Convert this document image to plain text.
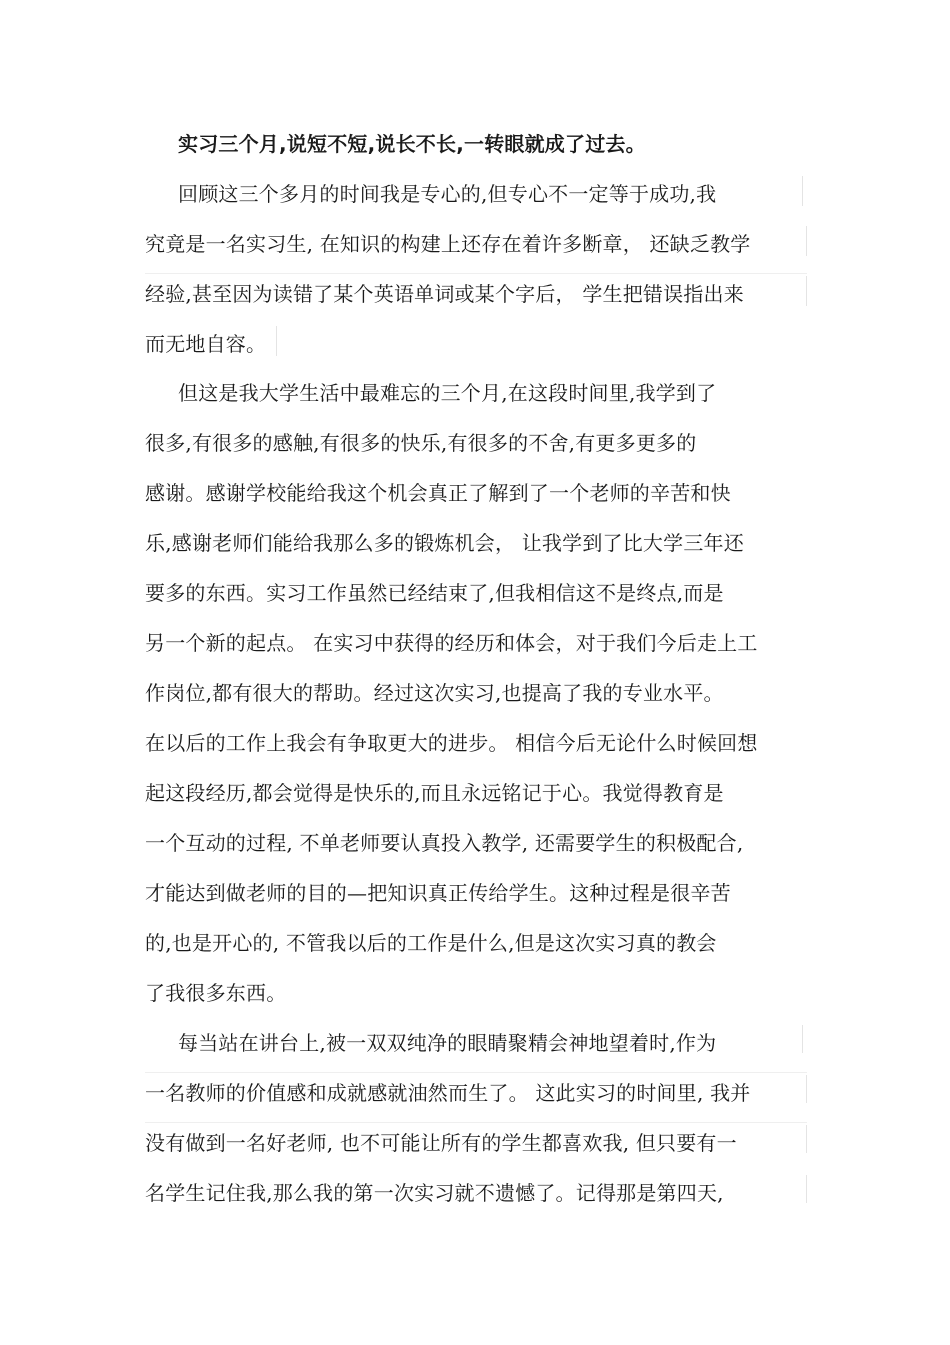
实习三个月,说短不短,说长不长,一转眼就成了过去。
回顾这三个多月的时间我是专心的,但专心不一定等于成功,我
究竟是一名实习生, 在知识的构建上还存在着许多断章， 还缺乏教学
经验,甚至因为读错了某个英语单词或某个字后， 学生把错误指出来
而无地自容。
但这是我大学生活中最难忘的三个月,在这段时间里,我学到了
很多,有很多的感触,有很多的快乐,有很多的不舍,有更多更多的
感谢。感谢学校能给我这个机会真正了解到了一个老师的辛苦和快
乐,感谢老师们能给我那么多的锻炼机会， 让我学到了比大学三年还
要多的东西。实习工作虽然已经结束了,但我相信这不是终点,而是
另一个新的起点。 在实习中获得的经历和体会，对于我们今后走上工
作岗位,都有很大的帮助。经过这次实习,也提高了我的专业水平。
在以后的工作上我会有争取更大的进步。 相信今后无论什么时候回想
起这段经历,都会觉得是快乐的,而且永远铭记于心。我觉得教育是
一个互动的过程, 不单老师要认真投入教学, 还需要学生的积极配合,
才能达到做老师的目的—把知识真正传给学生。这种过程是很辛苦
的,也是开心的, 不管我以后的工作是什么,但是这次实习真的教会
了我很多东西。
每当站在讲台上,被一双双纯净的眼睛聚精会神地望着时,作为
一名教师的价值感和成就感就油然而生了。 这此实习的时间里, 我并
没有做到一名好老师, 也不可能让所有的学生都喜欢我, 但只要有一
名学生记住我,那么我的第一次实习就不遗憾了。记得那是第四天,
